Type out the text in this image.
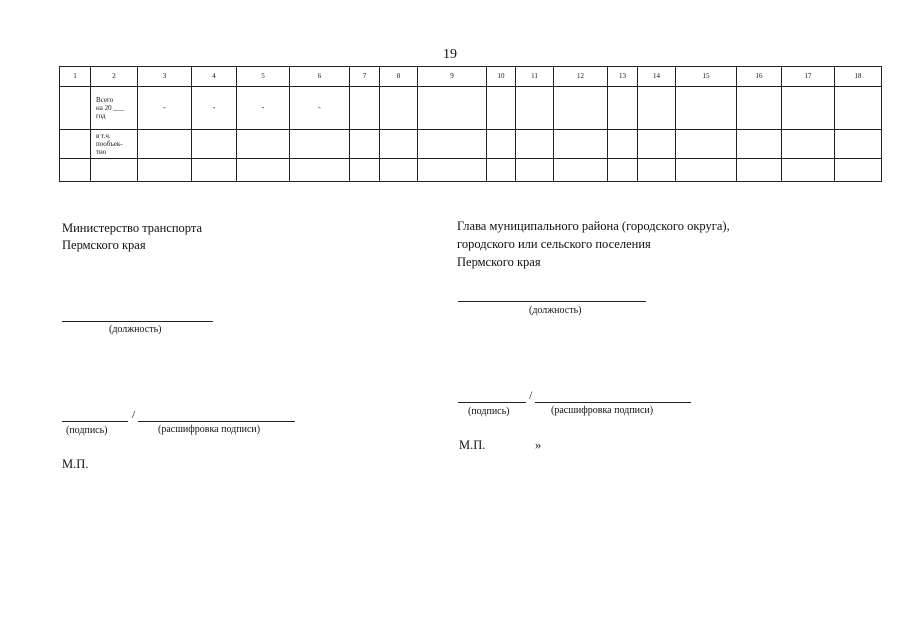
19
1	2	3	4	5	6	7	8	9	10	11	12	13	14	15	16	17	18

	Всего
на 20 ___
год	-	-	-	-												

	в т.ч.
пообъек-
тно																

Министерство транспорта
Пермского края
(должность)
/
(подпись)	(расшифровка подписи)
М.П.
Глава муниципального района (городского округа),
городского или сельского поселения
Пермского края
(должность)
/
(подпись)	(расшифровка подписи)
М.П.	»
